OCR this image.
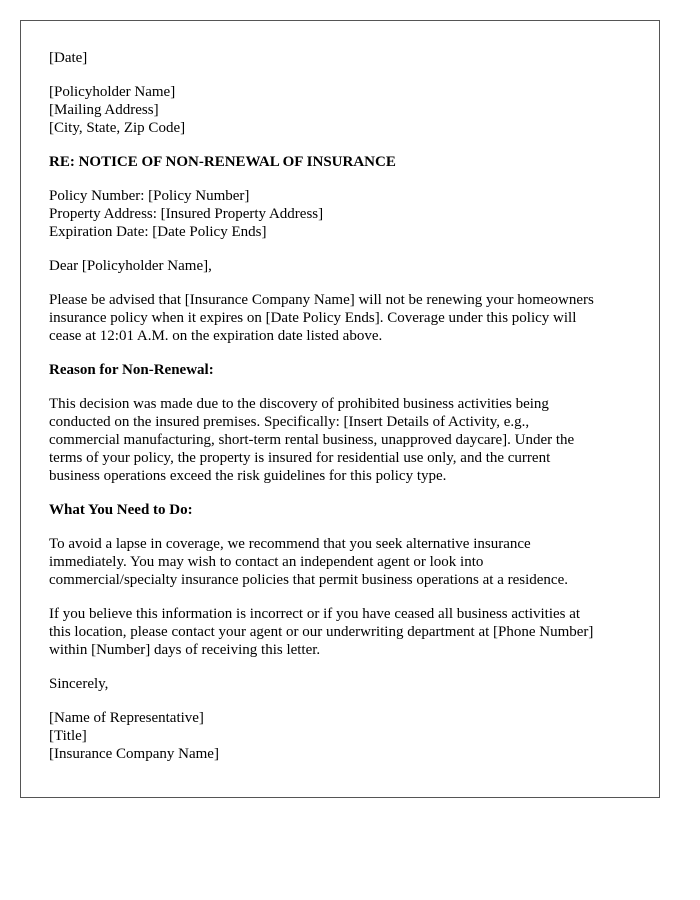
[Date]
[Policyholder Name]
[Mailing Address]
[City, State, Zip Code]
RE: NOTICE OF NON-RENEWAL OF INSURANCE
Policy Number: [Policy Number]
Property Address: [Insured Property Address]
Expiration Date: [Date Policy Ends]
Dear [Policyholder Name],
Please be advised that [Insurance Company Name] will not be renewing your homeowners
insurance policy when it expires on [Date Policy Ends]. Coverage under this policy will
cease at 12:01 A.M. on the expiration date listed above.
Reason for Non-Renewal:
This decision was made due to the discovery of prohibited business activities being
conducted on the insured premises. Specifically: [Insert Details of Activity, e.g.,
commercial manufacturing, short-term rental business, unapproved daycare]. Under the
terms of your policy, the property is insured for residential use only, and the current
business operations exceed the risk guidelines for this policy type.
What You Need to Do:
To avoid a lapse in coverage, we recommend that you seek alternative insurance
immediately. You may wish to contact an independent agent or look into
commercial/specialty insurance policies that permit business operations at a residence.
If you believe this information is incorrect or if you have ceased all business activities at
this location, please contact your agent or our underwriting department at [Phone Number]
within [Number] days of receiving this letter.
Sincerely,
[Name of Representative]
[Title]
[Insurance Company Name]
